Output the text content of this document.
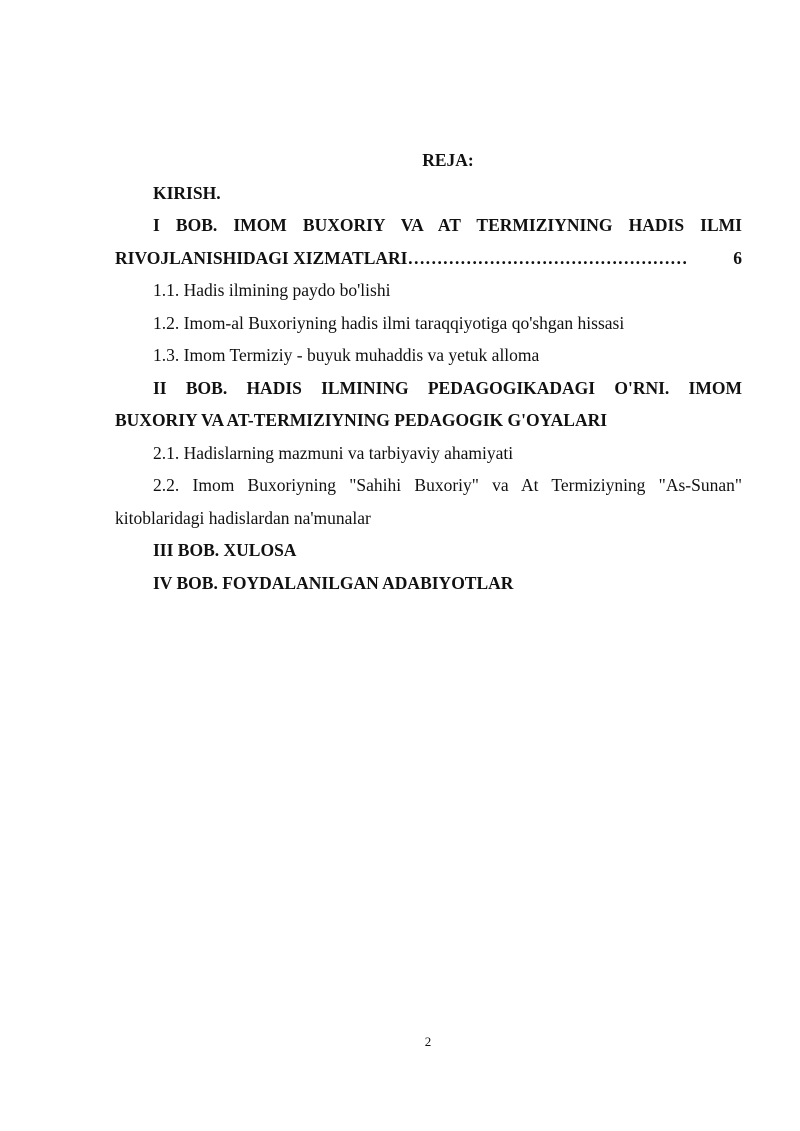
REJA:

KIRISH.

I BOB. IMOM BUXORIY VA AT TERMIZIYNING HADIS ILMI

RIVOJLANISHIDAGI XIZMATLARI …………………………………………	6

1.1. Hadis ilmining paydo bo'lishi

1.2. Imom-al Buxoriyning hadis ilmi taraqqiyotiga qo'shgan hissasi

1.3. Imom Termiziy - buyuk muhaddis va yetuk alloma

II BOB. HADIS ILMINING PEDAGOGIKADAGI O'RNI. IMOM

BUXORIY VA AT-TERMIZIYNING PEDAGOGIK G'OYALARI

2.1. Hadislarning mazmuni va tarbiyaviy ahamiyati

2.2. Imom Buxoriyning "Sahihi Buxoriy" va At Termiziyning "As-Sunan"

kitoblaridagi hadislardan na'munalar

III BOB. XULOSA

IV BOB. FOYDALANILGAN ADABIYOTLAR

2
